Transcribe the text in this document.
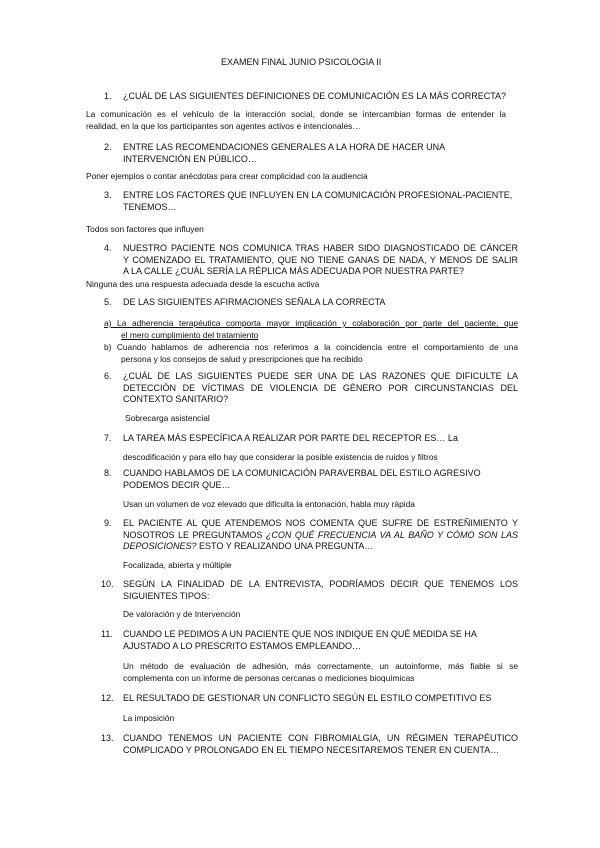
EXAMEN FINAL JUNIO PSICOLOGIA II
1. ¿CUÁL DE LAS SIGUIENTES DEFINICIONES DE COMUNICACIÓN ES LA MÁS CORRECTA?
La comunicación es el vehículo de la interacción social, donde se intercambian formas de entender la
realidad, en la que los participantes son agentes activos e intencionales…
2. ENTRE LAS RECOMENDACIONES GENERALES A LA HORA DE HACER UNA
INTERVENCIÓN EN PÚBLICO…
Poner ejemplos o contar anécdotas para crear complicidad con la audiencia
3. ENTRE LOS FACTORES QUE INFLUYEN EN LA COMUNICACIÓN PROFESIONAL-PACIENTE,
TENEMOS…
Todos son factores que influyen
4. NUESTRO PACIENTE NOS COMUNICA TRAS HABER SIDO DIAGNOSTICADO DE CÁNCER
Y COMENZADO EL TRATAMIENTO, QUE NO TIENE GANAS DE NADA, Y MENOS DE SALIR
A LA CALLE ¿CUÁL SERÍA LA RÉPLICA MÁS ADECUADA POR NUESTRA PARTE?
Ninguna des una respuesta adecuada desde la escucha activa
5. DE LAS SIGUIENTES AFIRMACIONES SEÑALA LA CORRECTA
a) La adherencia terapéutica comporta mayor implicación y colaboración por parte del paciente, que
el mero cumplimiento del tratamiento
b) Cuando hablamos de adherencia nos referimos a la coincidencia entre el comportamiento de una
persona y los consejos de salud y prescripciones que ha recibido
6. ¿CUÁL DE LAS SIGUIENTES PUEDE SER UNA DE LAS RAZONES QUE DIFICULTE LA
DETECCIÓN DE VÍCTIMAS DE VIOLENCIA DE GÉNERO POR CIRCUNSTANCIAS DEL
CONTEXTO SANITARIO?
Sobrecarga asistencial
7. LA TAREA MÁS ESPECÍFICA A REALIZAR POR PARTE DEL RECEPTOR ES… La
descodificación y para ello hay que considerar la posible existencia de ruidos y filtros
8. CUANDO HABLAMOS DE LA COMUNICACIÓN PARAVERBAL DEL ESTILO AGRESIVO
PODEMOS DECIR QUE…
Usan un volumen de voz elevado que dificulta la entonación, habla muy rápida
9. EL PACIENTE AL QUE ATENDEMOS NOS COMENTA QUE SUFRE DE ESTREÑIMIENTO Y
NOSOTROS LE PREGUNTAMOS ¿CON QUÉ FRECUENCIA VA AL BAÑO Y CÓMO SON LAS
DEPOSICIONES? ESTO Y REALIZANDO UNA PREGUNTA…
Focalizada, abierta y múltiple
10. SEGÚN LA FINALIDAD DE LA ENTREVISTA, PODRÍAMOS DECIR QUE TENEMOS LOS
SIGUIENTES TIPOS:
De valoración y de Intervención
11. CUANDO LE PEDIMOS A UN PACIENTE QUE NOS INDIQUE EN QUÉ MEDIDA SE HA
AJUSTADO A LO PRESCRITO ESTAMOS EMPLEANDO…
Un método de evaluación de adhesión, más correctamente, un autoinforme, más fiable si se
complementa con un informe de personas cercanas o mediciones bioquímicas
12. EL RESULTADO DE GESTIONAR UN CONFLICTO SEGÚN EL ESTILO COMPETITIVO ES
La imposición
13. CUANDO TENEMOS UN PACIENTE CON FIBROMIALGIA, UN RÉGIMEN TERAPÉUTICO
COMPLICADO Y PROLONGADO EN EL TIEMPO NECESITAREMOS TENER EN CUENTA…
